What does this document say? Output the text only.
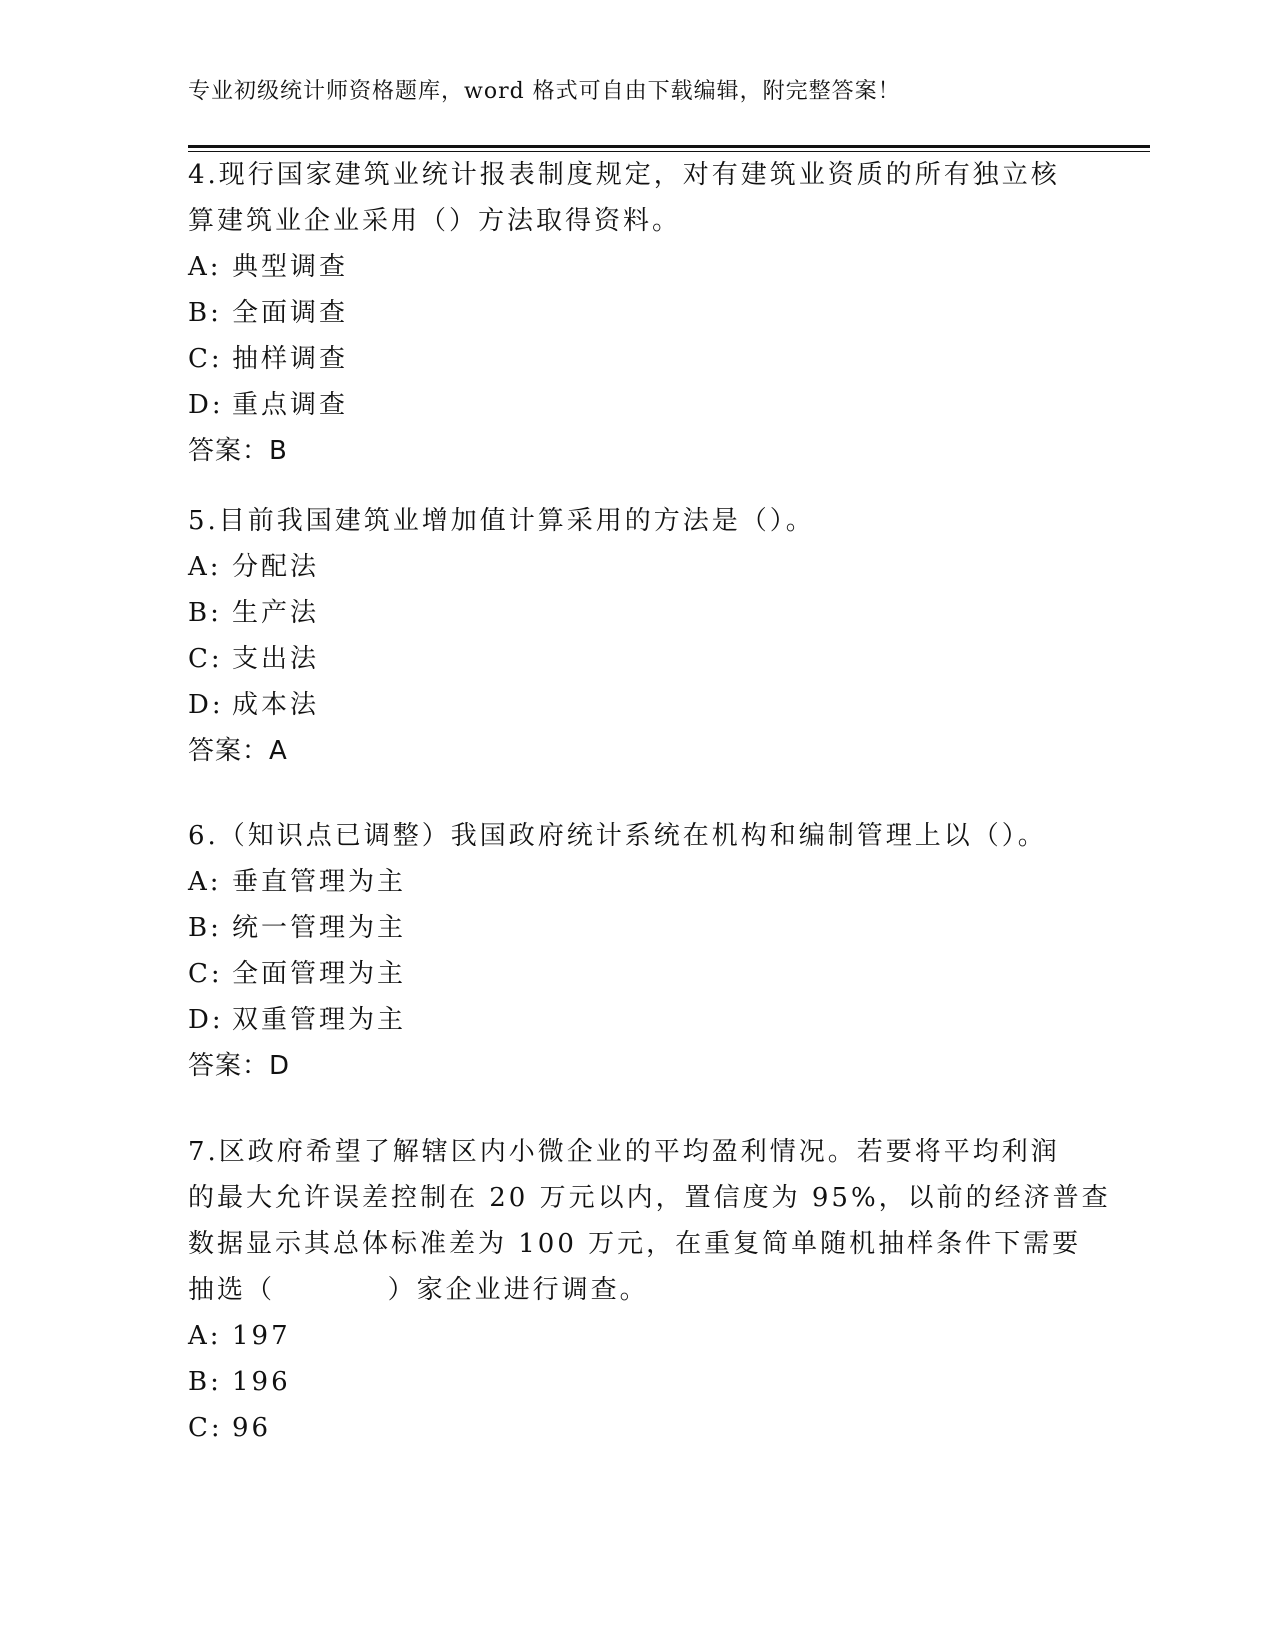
专业初级统计师资格题库，word 格式可自由下载编辑，附完整答案！
4.现行国家建筑业统计报表制度规定，对有建筑业资质的所有独立核
算建筑业企业采用（）方法取得资料。
A: 典型调查
B: 全面调查
C: 抽样调查
D: 重点调查
答案：B
5.目前我国建筑业增加值计算采用的方法是（）。
A: 分配法
B: 生产法
C: 支出法
D: 成本法
答案：A
6.（知识点已调整）我国政府统计系统在机构和编制管理上以（）。
A: 垂直管理为主
B: 统一管理为主
C: 全面管理为主
D: 双重管理为主
答案：D
7.区政府希望了解辖区内小微企业的平均盈利情况。若要将平均利润
的最大允许误差控制在 20 万元以内，置信度为 95%，以前的经济普查
数据显示其总体标准差为 100 万元，在重复简单随机抽样条件下需要
抽选（          ）家企业进行调查。
A: 197
B: 196
C: 96
